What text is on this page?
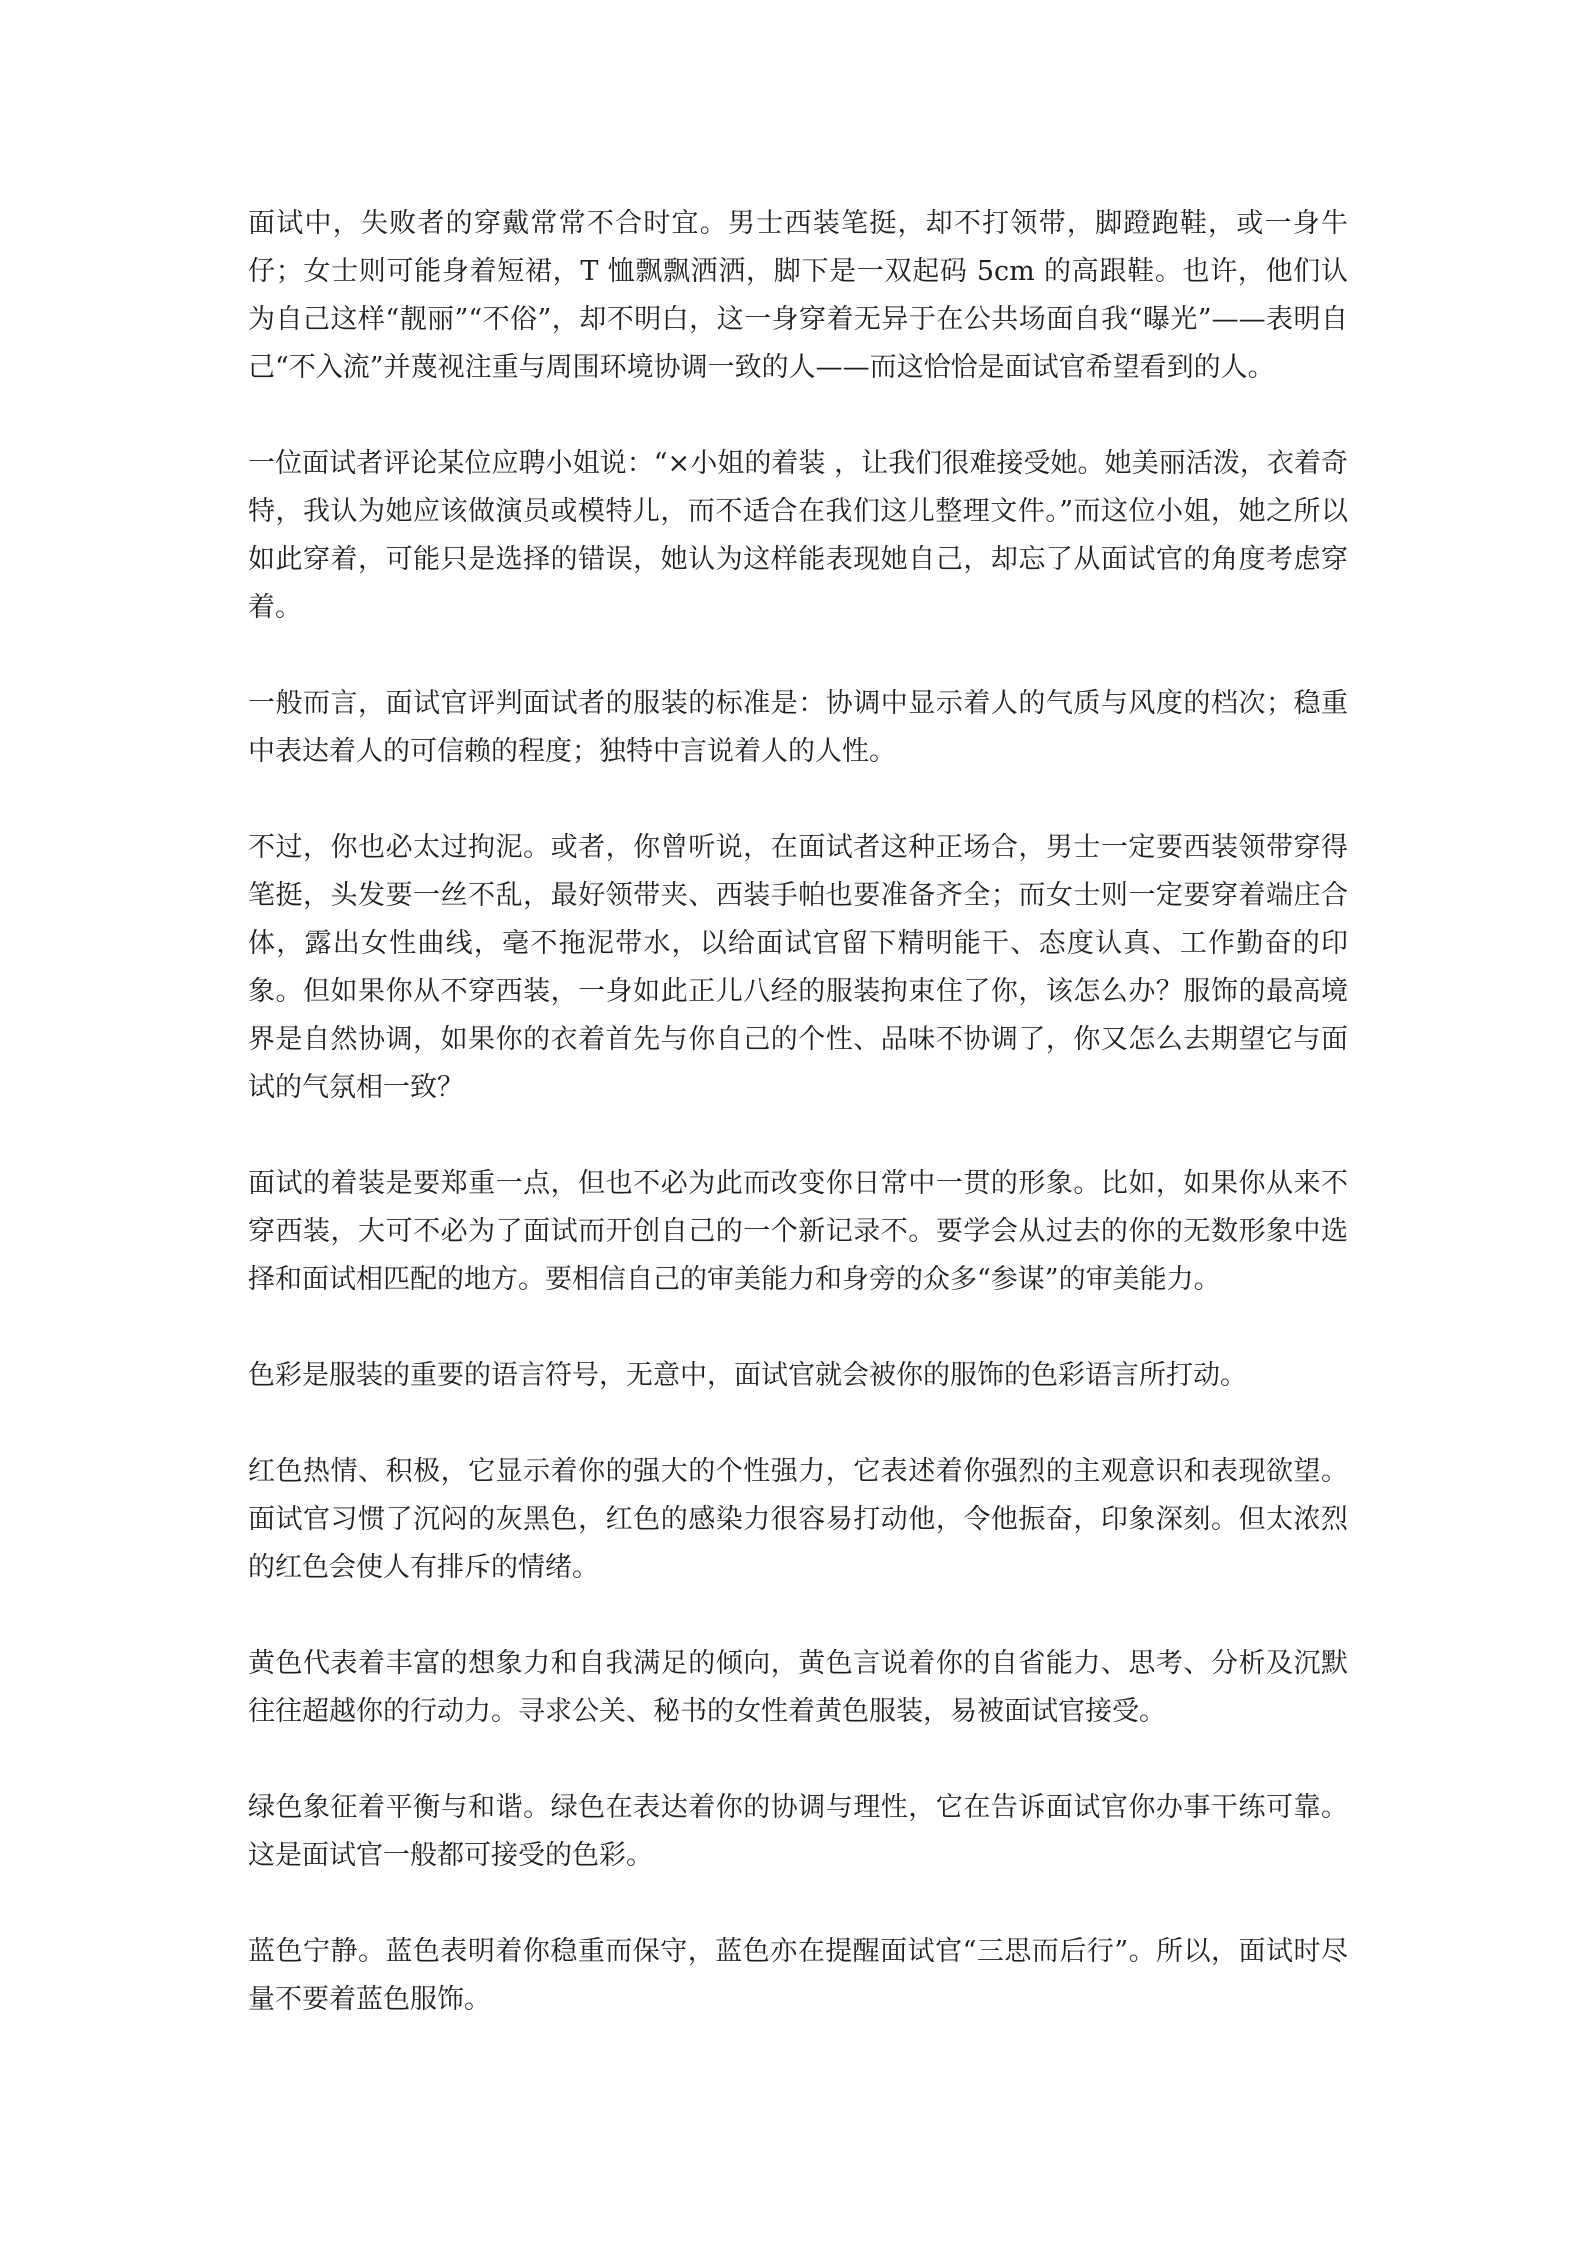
面试中，失败者的穿戴常常不合时宜。男士西装笔挺，却不打领带，脚蹬跑鞋，或一身牛仔；女士则可能身着短裙，T 恤飘飘洒洒，脚下是一双起码 5cm 的高跟鞋。也许，他们认为自己这样“靓丽”“不俗”，却不明白，这一身穿着无异于在公共场面自我“曝光”——表明自己“不入流”并蔑视注重与周围环境协调一致的人——而这恰恰是面试官希望看到的人。

一位面试者评论某位应聘小姐说：“×小姐的着装 ，让我们很难接受她。她美丽活泼，衣着奇特，我认为她应该做演员或模特儿，而不适合在我们这儿整理文件。”而这位小姐，她之所以如此穿着，可能只是选择的错误，她认为这样能表现她自己，却忘了从面试官的角度考虑穿着。

一般而言，面试官评判面试者的服装的标准是：协调中显示着人的气质与风度的档次；稳重中表达着人的可信赖的程度；独特中言说着人的人性。

不过，你也必太过拘泥。或者，你曾听说，在面试者这种正场合，男士一定要西装领带穿得笔挺，头发要一丝不乱，最好领带夹、西装手帕也要准备齐全；而女士则一定要穿着端庄合体，露出女性曲线，毫不拖泥带水，以给面试官留下精明能干、态度认真、工作勤奋的印象。但如果你从不穿西装，一身如此正儿八经的服装拘束住了你，该怎么办？服饰的最高境界是自然协调，如果你的衣着首先与你自己的个性、品味不协调了，你又怎么去期望它与面试的气氛相一致？

面试的着装是要郑重一点，但也不必为此而改变你日常中一贯的形象。比如，如果你从来不穿西装，大可不必为了面试而开创自己的一个新记录不。要学会从过去的你的无数形象中选择和面试相匹配的地方。要相信自己的审美能力和身旁的众多“参谋”的审美能力。

色彩是服装的重要的语言符号，无意中，面试官就会被你的服饰的色彩语言所打动。

红色热情、积极，它显示着你的强大的个性强力，它表述着你强烈的主观意识和表现欲望。面试官习惯了沉闷的灰黑色，红色的感染力很容易打动他，令他振奋，印象深刻。但太浓烈的红色会使人有排斥的情绪。

黄色代表着丰富的想象力和自我满足的倾向，黄色言说着你的自省能力、思考、分析及沉默往往超越你的行动力。寻求公关、秘书的女性着黄色服装，易被面试官接受。

绿色象征着平衡与和谐。绿色在表达着你的协调与理性，它在告诉面试官你办事干练可靠。这是面试官一般都可接受的色彩。

蓝色宁静。蓝色表明着你稳重而保守，蓝色亦在提醒面试官“三思而后行”。所以，面试时尽量不要着蓝色服饰。
